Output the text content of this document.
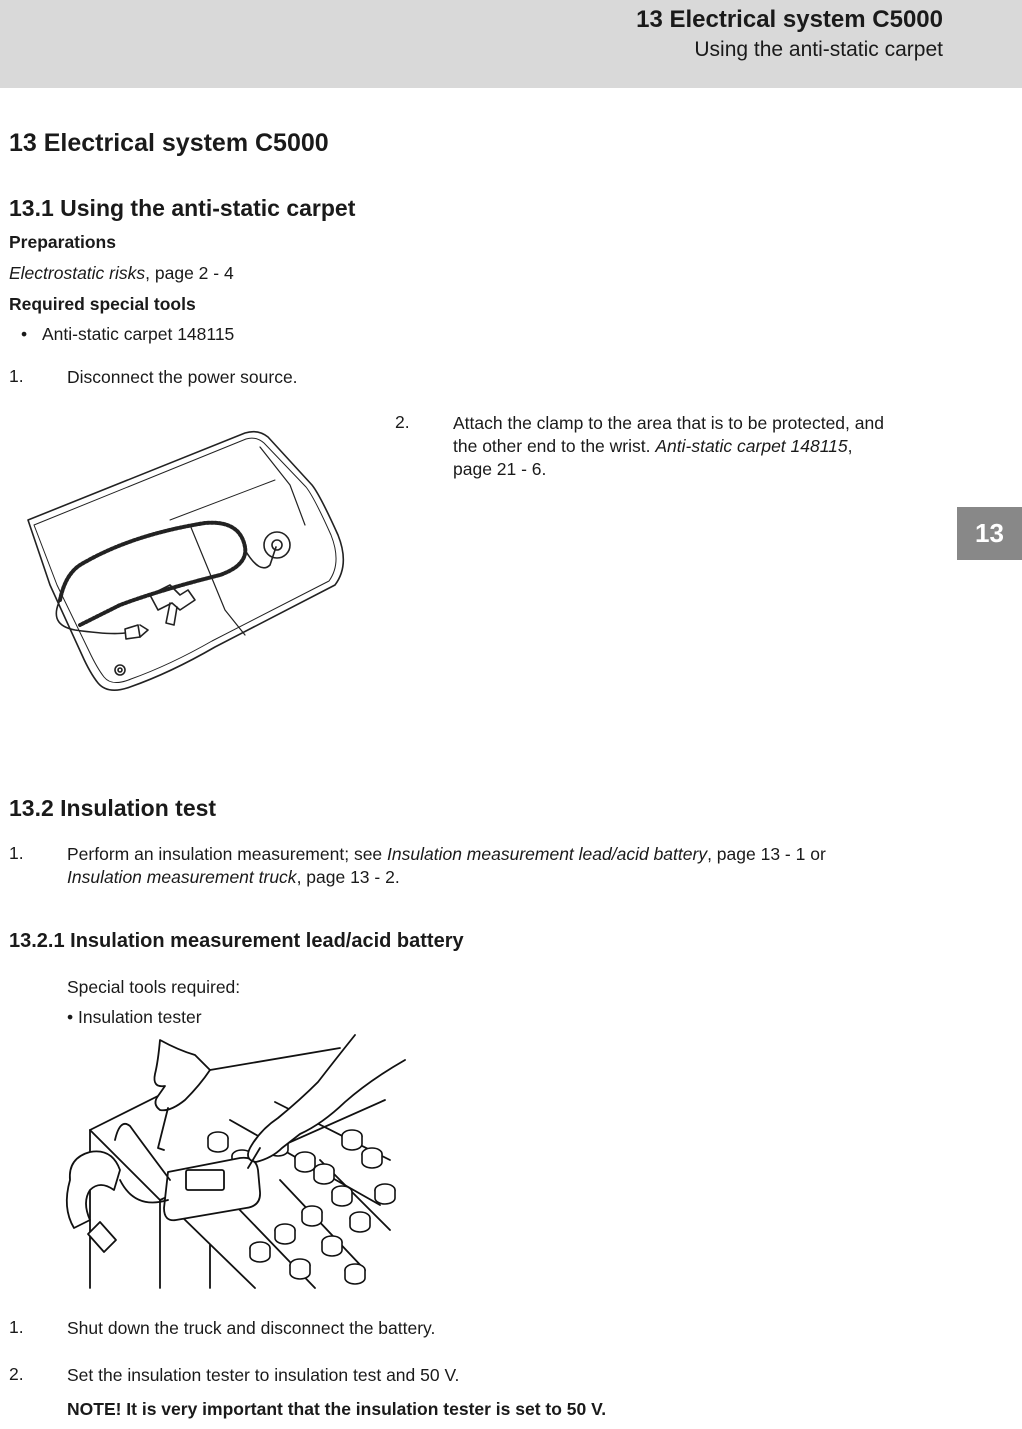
13 Electrical system C5000
Using the anti-static carpet
13
13 Electrical system C5000
13.1 Using the anti-static carpet
Preparations
Electrostatic risks, page 2 - 4
Required special tools
• Anti-static carpet 148115
1. Disconnect the power source.
2. Attach the clamp to the area that is to be protected, and
the other end to the wrist. Anti-static carpet 148115,
page 21 - 6.
13.2 Insulation test
1. Perform an insulation measurement; see Insulation measurement lead/acid battery, page 13 - 1 or
Insulation measurement truck, page 13 - 2.
13.2.1 Insulation measurement lead/acid battery
Special tools required:
• Insulation tester
1. Shut down the truck and disconnect the battery.
2. Set the insulation tester to insulation test and 50 V.
NOTE! It is very important that the insulation tester is set to 50 V.
